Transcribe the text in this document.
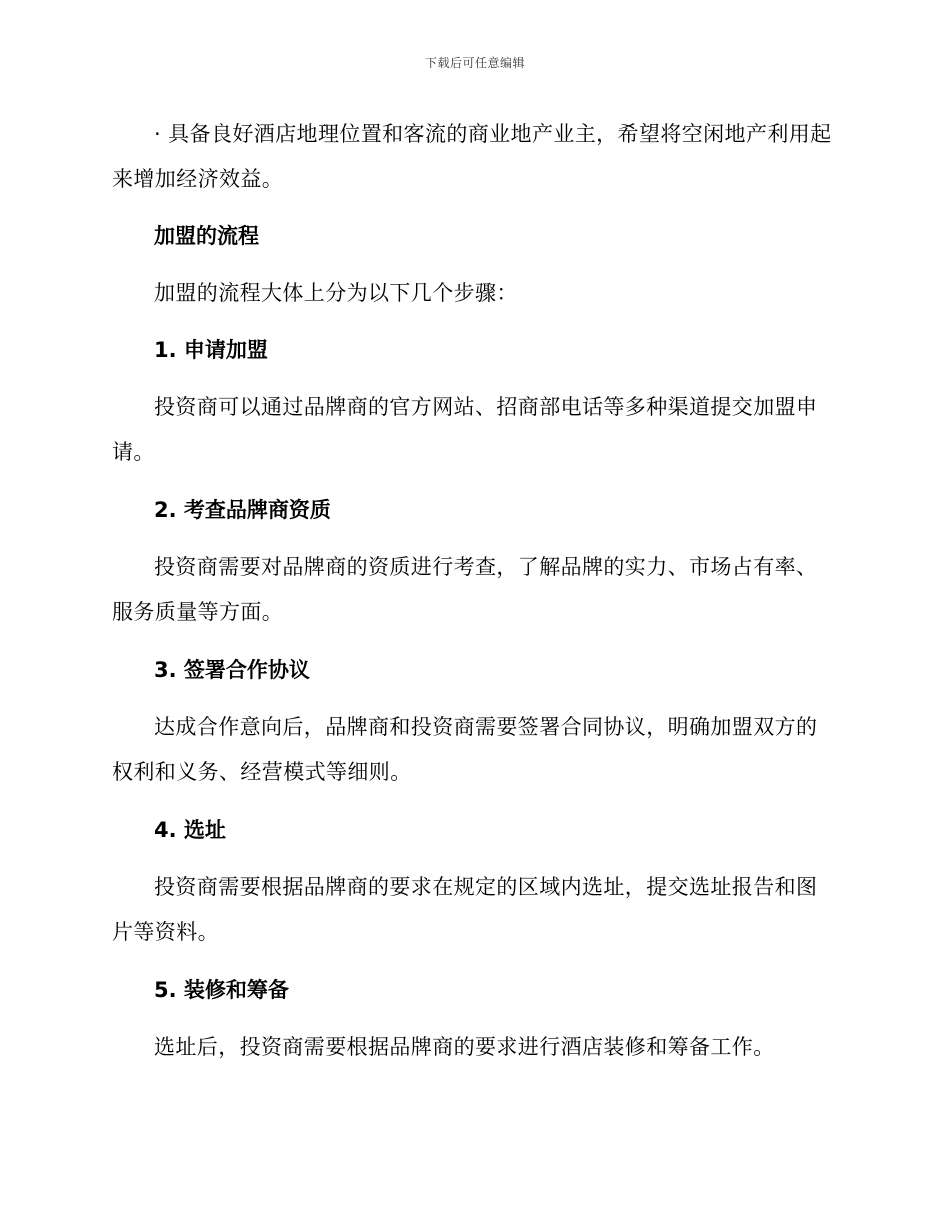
下载后可任意编辑

· 具备良好酒店地理位置和客流的商业地产业主，希望将空闲地产利用起来增加经济效益。

加盟的流程

加盟的流程大体上分为以下几个步骤：

1. 申请加盟

投资商可以通过品牌商的官方网站、招商部电话等多种渠道提交加盟申请。

2. 考查品牌商资质

投资商需要对品牌商的资质进行考查，了解品牌的实力、市场占有率、服务质量等方面。

3. 签署合作协议

达成合作意向后，品牌商和投资商需要签署合同协议，明确加盟双方的权利和义务、经营模式等细则。

4. 选址

投资商需要根据品牌商的要求在规定的区域内选址，提交选址报告和图片等资料。

5. 装修和筹备

选址后，投资商需要根据品牌商的要求进行酒店装修和筹备工作。
